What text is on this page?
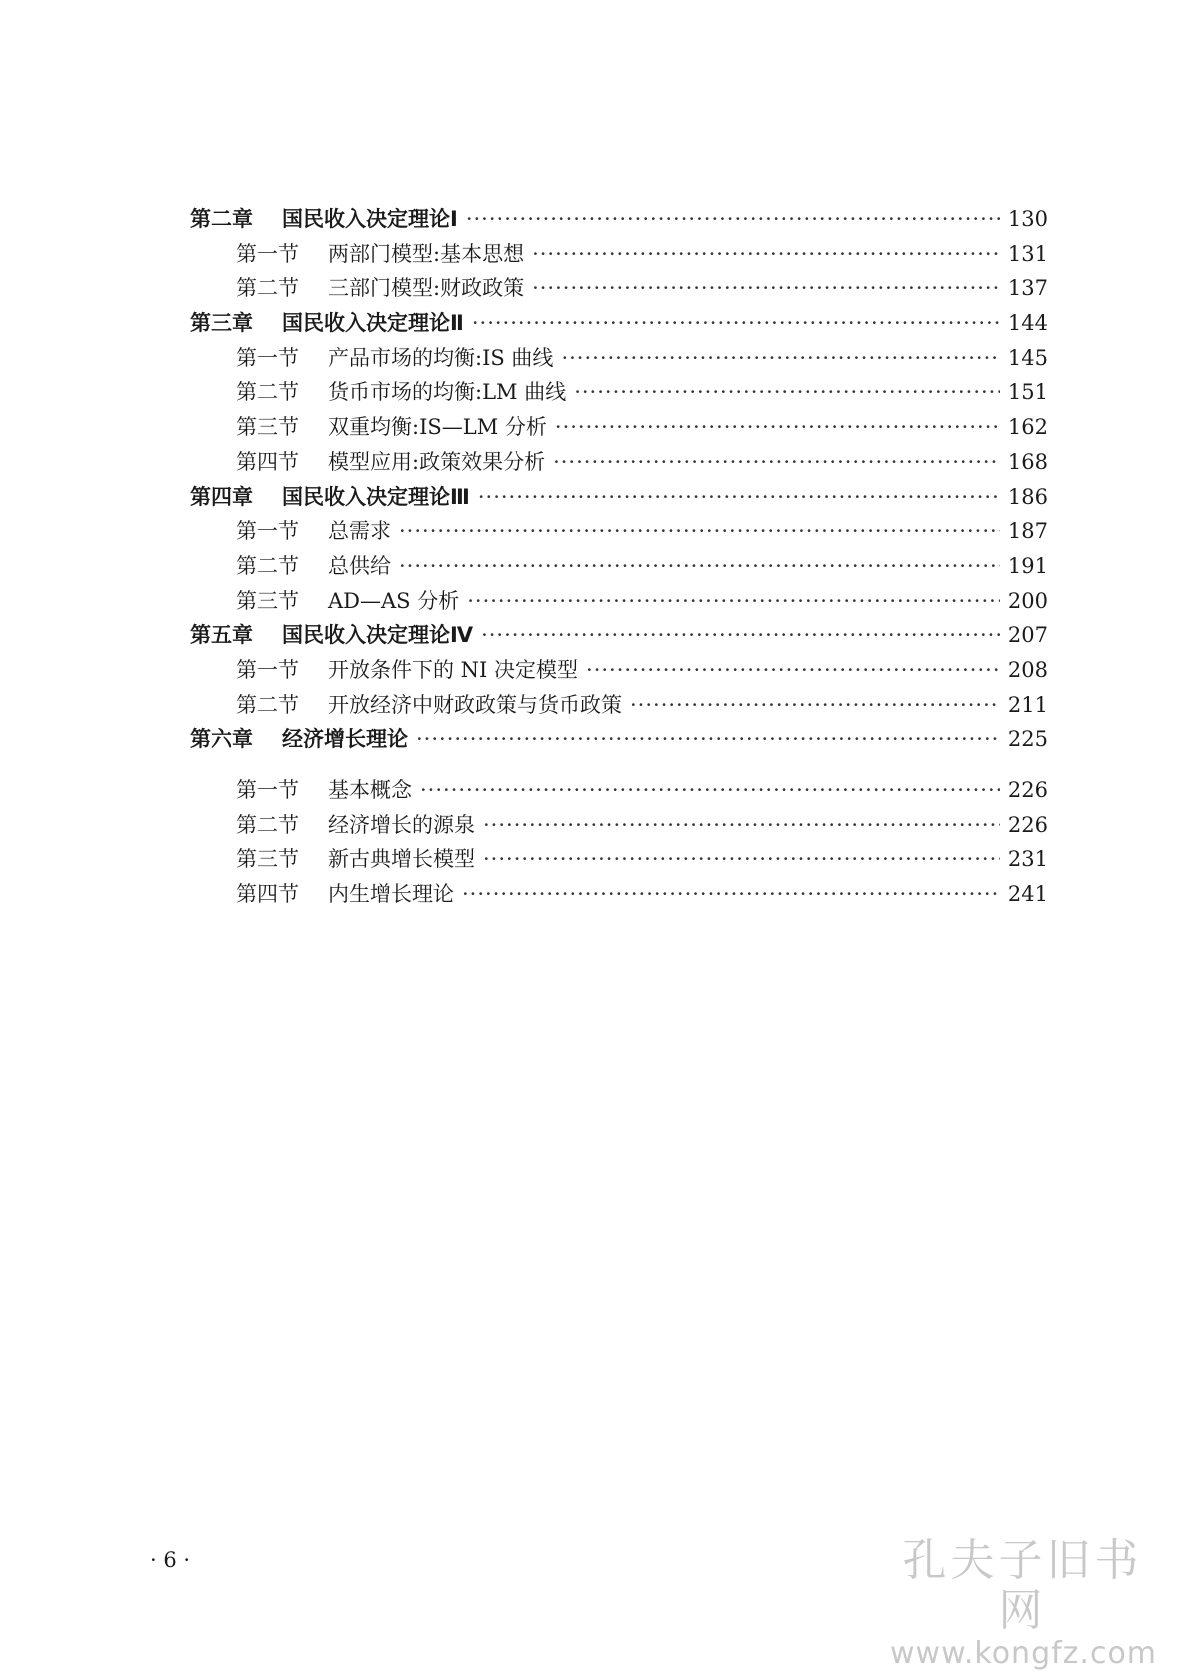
第二章	国民收入决定理论Ⅰ ·····	130
第一节	两部门模型:基本思想 ·····	131
第二节	三部门模型:财政政策 ·····	137
第三章	国民收入决定理论Ⅱ ·····	144
第一节	产品市场的均衡:IS 曲线 ·····	145
第二节	货币市场的均衡:LM 曲线 ·····	151
第三节	双重均衡:IS—LM 分析 ·····	162
第四节	模型应用:政策效果分析 ·····	168
第四章	国民收入决定理论Ⅲ ·····	186
第一节	总需求 ·····	187
第二节	总供给 ·····	191
第三节	AD—AS 分析 ·····	200
第五章	国民收入决定理论Ⅳ ·····	207
第一节	开放条件下的 NI 决定模型 ·····	208
第二节	开放经济中财政政策与货币政策 ·····	211
第六章	经济增长理论 ·····	225
第一节	基本概念 ·····	226
第二节	经济增长的源泉 ·····	226
第三节	新古典增长模型 ·····	231
第四节	内生增长理论 ·····	241
· 6 ·	孔夫子旧书网
www.kongfz.com
